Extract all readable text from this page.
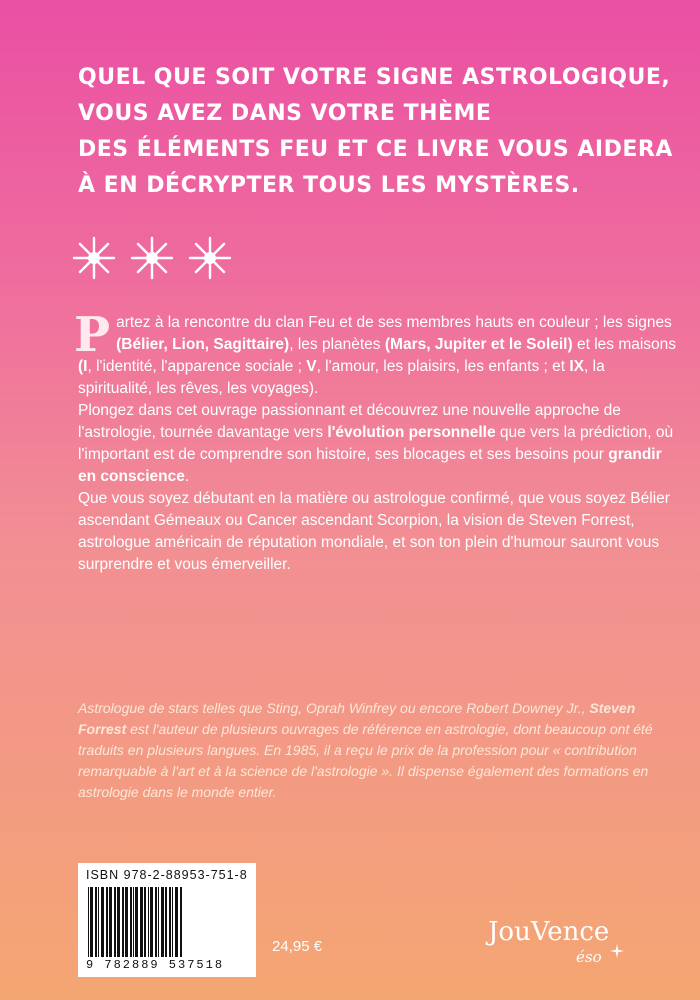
QUEL QUE SOIT VOTRE SIGNE ASTROLOGIQUE,
VOUS AVEZ DANS VOTRE THÈME
DES ÉLÉMENTS FEU ET CE LIVRE VOUS AIDERA
À EN DÉCRYPTER TOUS LES MYSTÈRES.

Partez à la rencontre du clan Feu et de ses membres hauts en couleur ; les signes (Bélier, Lion, Sagittaire), les planètes (Mars, Jupiter et le Soleil) et les maisons (I, l'identité, l'apparence sociale ; V, l'amour, les plaisirs, les enfants ; et IX, la spiritualité, les rêves, les voyages).

Plongez dans cet ouvrage passionnant et découvrez une nouvelle approche de l'astrologie, tournée davantage vers l'évolution personnelle que vers la prédiction, où l'important est de comprendre son histoire, ses blocages et ses besoins pour grandir en conscience.

Que vous soyez débutant en la matière ou astrologue confirmé, que vous soyez Bélier ascendant Gémeaux ou Cancer ascendant Scorpion, la vision de Steven Forrest, astrologue américain de réputation mondiale, et son ton plein d'humour sauront vous surprendre et vous émerveiller.

Astrologue de stars telles que Sting, Oprah Winfrey ou encore Robert Downey Jr., Steven Forrest est l'auteur de plusieurs ouvrages de référence en astrologie, dont beaucoup ont été traduits en plusieurs langues. En 1985, il a reçu le prix de la profession pour « contribution remarquable à l'art et à la science de l'astrologie ». Il dispense également des formations en astrologie dans le monde entier.

ISBN 978-2-88953-751-8
9 782889 537518
24,95 €	JouVence
éso
